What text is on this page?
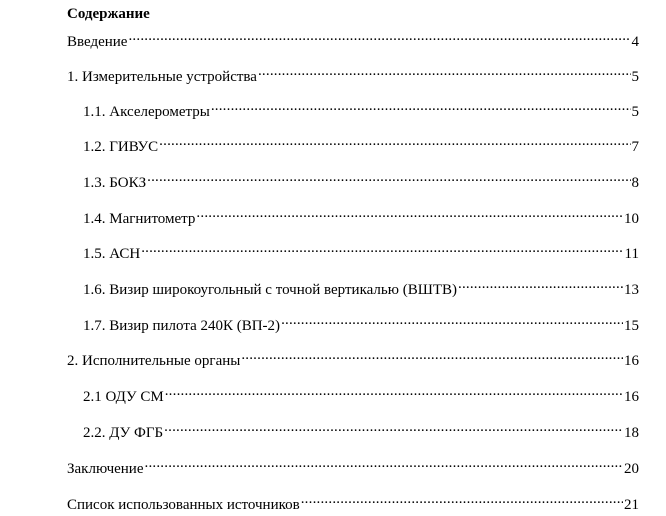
Содержание
Введение .....	4
1. Измерительные устройства .....	5
1.1. Акселерометры .....	5
1.2. ГИВУС .....	7
1.3. БОКЗ .....	8
1.4. Магнитометр .....	10
1.5. АСН .....	11
1.6. Визир широкоугольный с точной вертикалью (ВШТВ) .....	13
1.7. Визир пилота 240К (ВП-2) .....	15
2. Исполнительные органы .....	16
2.1 ОДУ СМ .....	16
2.2. ДУ ФГБ .....	18
Заключение .....	20
Список использованных источников .....	21
